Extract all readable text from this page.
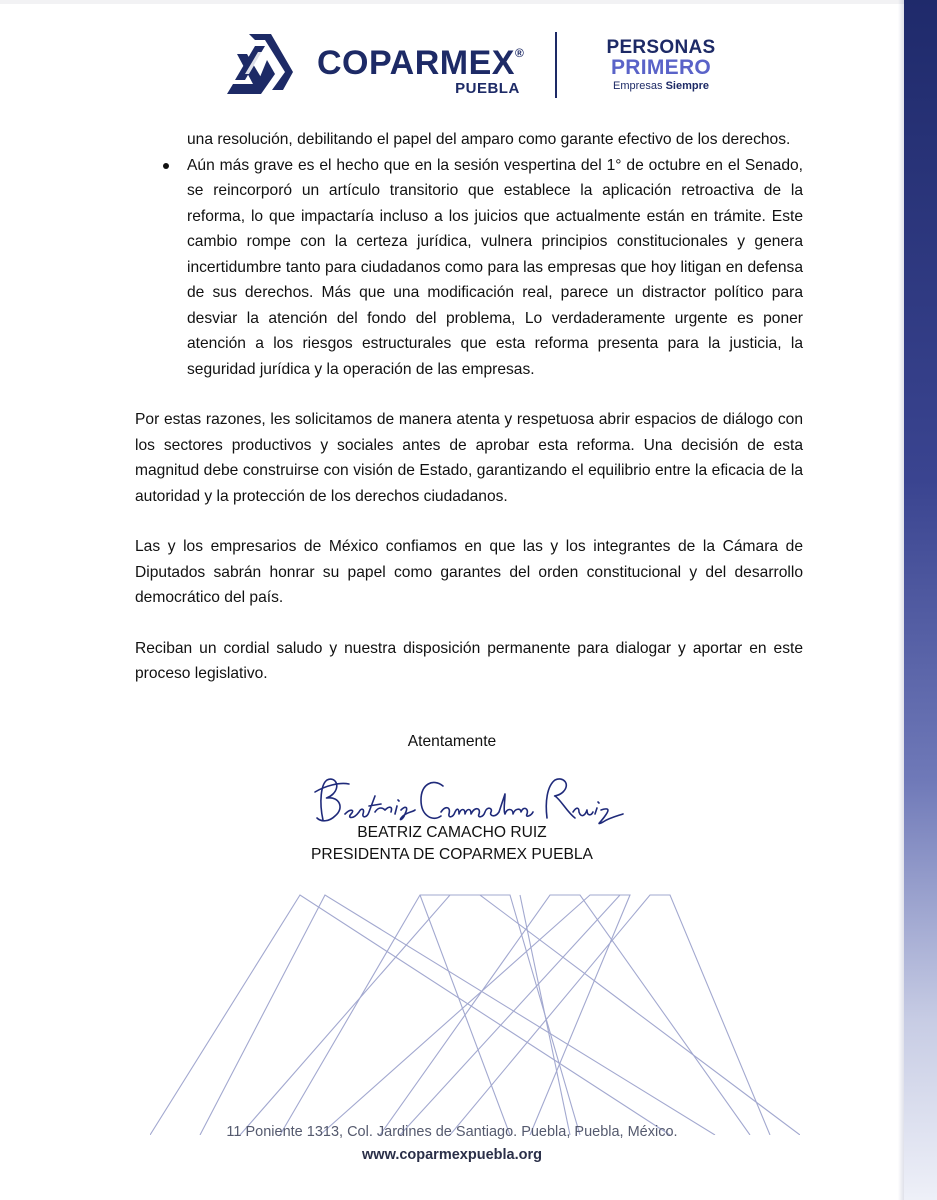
COPARMEX®
PUEBLA
PERSONAS
PRIMERO
Empresas Siempre
una resolución, debilitando el papel del amparo como garante efectivo de los derechos.
Aún más grave es el hecho que en la sesión vespertina del 1° de octubre en el Senado, se reincorporó un artículo transitorio que establece la aplicación retroactiva de la reforma, lo que impactaría incluso a los juicios que actualmente están en trámite. Este cambio rompe con la certeza jurídica, vulnera principios constitucionales y genera incertidumbre tanto para ciudadanos como para las empresas que hoy litigan en defensa de sus derechos. Más que una modificación real, parece un distractor político para desviar la atención del fondo del problema, Lo verdaderamente urgente es poner atención a los riesgos estructurales que esta reforma presenta para la justicia, la seguridad jurídica y la operación de las empresas.

Por estas razones, les solicitamos de manera atenta y respetuosa abrir espacios de diálogo con los sectores productivos y sociales antes de aprobar esta reforma. Una decisión de esta magnitud debe construirse con visión de Estado, garantizando el equilibrio entre la eficacia de la autoridad y la protección de los derechos ciudadanos.

Las y los empresarios de México confiamos en que las y los integrantes de la Cámara de Diputados sabrán honrar su papel como garantes del orden constitucional y del desarrollo democrático del país.

Reciban un cordial saludo y nuestra disposición permanente para dialogar y aportar en este proceso legislativo.

Atentamente
BEATRIZ CAMACHO RUIZ
PRESIDENTA DE COPARMEX PUEBLA
11 Poniente 1313, Col. Jardines de Santiago. Puebla, Puebla, México.
www.coparmexpuebla.org
